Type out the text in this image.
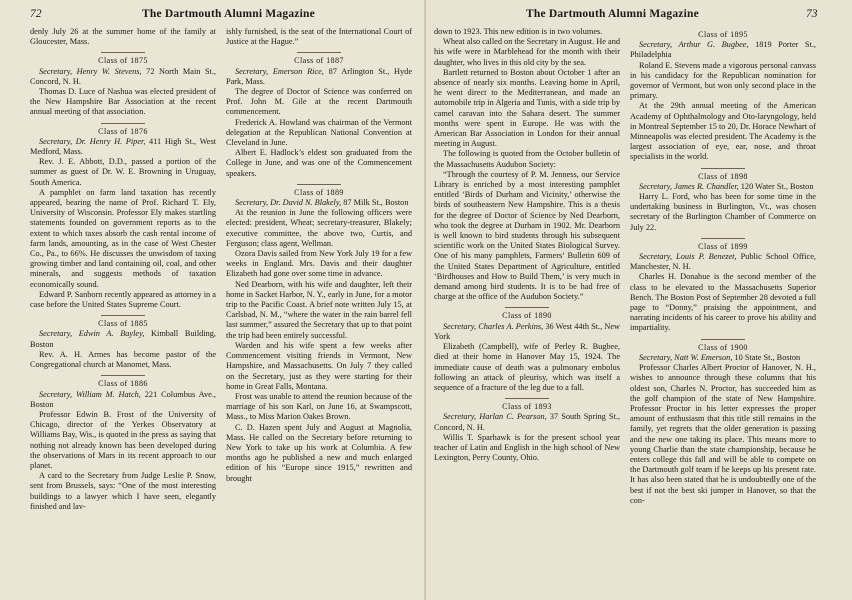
72	The Dartmouth Alumni Magazine

denly July 26 at the summer home of the family at Gloucester, Mass.

Class of 1875

Secretary, Henry W. Stevens, 72 North Main St., Concord, N. H.

Thomas D. Luce of Nashua was elected president of the New Hampshire Bar Association at the recent annual meeting of that association.

Class of 1876

Secretary, Dr. Henry H. Piper, 411 High St., West Medford, Mass.

Rev. J. E. Abbott, D.D., passed a portion of the summer as guest of Dr. W. E. Browning in Uruguay, South America.

A pamphlet on farm land taxation has recently appeared, bearing the name of Prof. Richard T. Ely, University of Wisconsin. Professor Ely makes startling statements founded on government reports as to the extent to which taxes absorb the cash rental income of farm lands, amounting, as in the case of West Chester Co., Pa., to 66%. He discusses the unwisdom of taxing growing timber and land containing oil, coal, and other minerals, and suggests methods of taxation economically sound.

Edward P. Sanborn recently appeared as attorney in a case before the United States Supreme Court.

Class of 1885

Secretary, Edwin A. Bayley, Kimball Building, Boston

Rev. A. H. Armes has become pastor of the Congregational church at Manomet, Mass.

Class of 1886

Secretary, William M. Hatch, 221 Columbus Ave., Boston

Professor Edwin B. Frost of the University of Chicago, director of the Yerkes Observatory at Williams Bay, Wis., is quoted in the press as saying that nothing not already known has been developed during the observations of Mars in its recent approach to our planet.

A card to the Secretary from Judge Leslie P. Snow, sent from Brussels, says: “One of the most interesting buildings to a lawyer which I have seen, elegantly finished and lav-

ishly furnished, is the seat of the International Court of Justice at the Hague.”

Class of 1887

Secretary, Emerson Rice, 87 Arlington St., Hyde Park, Mass.

The degree of Doctor of Science was conferred on Prof. John M. Gile at the recent Dartmouth commencement.

Frederick A. Howland was chairman of the Vermont delegation at the Republican National Convention at Cleveland in June.

Albert E. Hadlock’s eldest son graduated from the College in June, and was one of the Commencement speakers.

Class of 1889

Secretary, Dr. David N. Blakely, 87 Milk St., Boston

At the reunion in June the following officers were elected: president, Wheat; secretary-treasurer, Blakely; executive committee, the above two, Curtis, and Ferguson; class agent, Wellman.

Ozora Davis sailed from New York July 19 for a few weeks in England. Mrs. Davis and their daughter Elizabeth had gone over some time in advance.

Ned Dearborn, with his wife and daughter, left their home in Sacket Harbor, N. Y., early in June, for a motor trip to the Pacific Coast. A brief note written July 15, at Carlsbad, N. M., “where the water in the rain barrel fell last summer,” assured the Secretary that up to that point the trip had been entirely successful.

Warden and his wife spent a few weeks after Commencement visiting friends in Vermont, New Hampshire, and Massachusetts. On July 7 they called on the Secretary, just as they were starting for their home in Great Falls, Montana.

Frost was unable to attend the reunion because of the marriage of his son Karl, on June 16, at Swampscott, Mass., to Miss Marion Oakes Brown.

C. D. Hazen spent July and August at Magnolia, Mass. He called on the Secretary before returning to New York to take up his work at Columbia. A few months ago he published a new and much enlarged edition of his “Europe since 1915,” rewritten and brought

The Dartmouth Alumni Magazine	73

down to 1923. This new edition is in two volumes.

Wheat also called on the Secretary in August. He and his wife were in Marblehead for the month with their daughter, who lives in this old city by the sea.

Bartlett returned to Boston about October 1 after an absence of nearly six months. Leaving home in April, he went direct to the Mediterranean, and made an automobile trip in Algeria and Tunis, with a side trip by camel caravan into the Sahara desert. The summer months were spent in Europe. He was with the American Bar Association in London for their annual meeting in August.

The following is quoted from the October bulletin of the Massachusetts Audubon Society:

“Through the courtesy of P. M. Jenness, our Service Library is enriched by a most interesting pamphlet entitled ‘Birds of Durham and Vicinity,’ otherwise the birds of southeastern New Hampshire. This is a thesis for the degree of Doctor of Science by Ned Dearborn, who took the degree at Durham in 1902. Mr. Dearborn is well known to bird students through his subsequent scientific work on the United States Biological Survey. One of his many pamphlets, Farmers’ Bulletin 609 of the United States Department of Agriculture, entitled ‘Birdhouses and How to Build Them,’ is very much in demand among bird students. It is to be had free of charge at the office of the Audubon Society.”

Class of 1890

Secretary, Charles A. Perkins, 36 West 44th St., New York

Elizabeth (Campbell), wife of Perley R. Bugbee, died at their home in Hanover May 15, 1924. The immediate cause of death was a pulmonary embolus following an attack of pleurisy, which was itself a sequence of a fracture of the leg due to a fall.

Class of 1893

Secretary, Harlan C. Pearson, 37 South Spring St., Concord, N. H.

Willis T. Sparhawk is for the present school year teacher of Latin and English in the high school of New Lexington, Perry County, Ohio.

Class of 1895

Secretary, Arthur G. Bugbee, 1819 Porter St., Philadelphia

Roland E. Stevens made a vigorous personal canvass in his candidacy for the Republican nomination for governor of Vermont, but won only second place in the primary.

At the 29th annual meeting of the American Academy of Ophthalmology and Oto-laryngology, held in Montreal September 15 to 20, Dr. Horace Newhart of Minneapolis was elected president. The Academy is the largest association of eye, ear, nose, and throat specialists in the world.

Class of 1898

Secretary, James R. Chandler, 120 Water St., Boston

Harry L. Ford, who has been for some time in the undertaking business in Burlington, Vt., was chosen secretary of the Burlington Chamber of Commerce on July 22.

Class of 1899

Secretary, Louis P. Benezet, Public School Office, Manchester, N. H.

Charles H. Donahue is the second member of the class to be elevated to the Massachusetts Superior Bench. The Boston Post of September 28 devoted a full page to “Donny,” praising the appointment, and narrating incidents of his career to prove his ability and impartiality.

Class of 1900

Secretary, Natt W. Emerson, 10 State St., Boston

Professor Charles Albert Proctor of Hanover, N. H., wishes to announce through these columns that his oldest son, Charles N. Proctor, has succeeded him as the golf champion of the state of New Hampshire. Professor Proctor in his letter expresses the proper amount of enthusiasm that this title still remains in the family, yet regrets that the older generation is passing and the new one taking its place. This means more to young Charlie than the state championship, because he enters college this fall and will be able to compete on the Dartmouth golf team if he keeps up his present rate. It has also been stated that he is undoubtedly one of the best if not the best ski jumper in Hanover, so that the con-
